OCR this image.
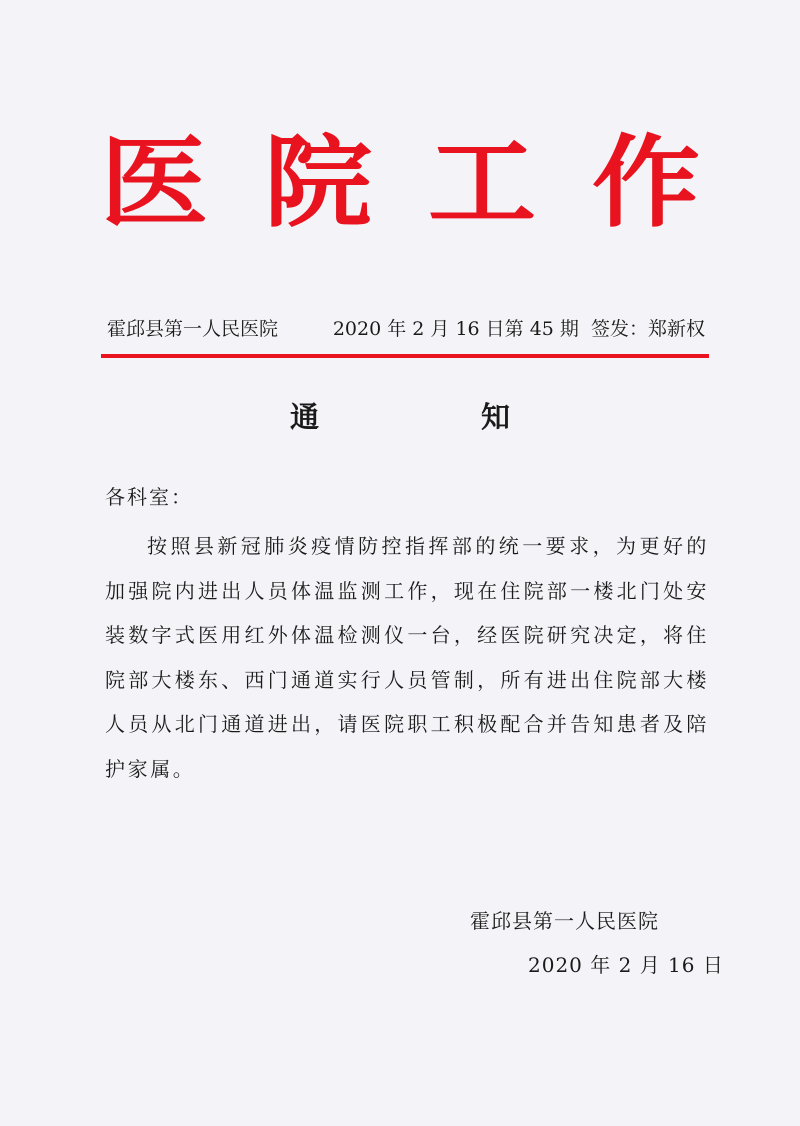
医 院 工 作
霍邱县第一人民医院	2020 年 2 月 16 日第 45 期  签发：郑新权
通	知
各科室：
按照县新冠肺炎疫情防控指挥部的统一要求，为更好的加强院内进出人员体温监测工作，现在住院部一楼北门处安装数字式医用红外体温检测仪一台，经医院研究决定，将住院部大楼东、西门通道实行人员管制，所有进出住院部大楼人员从北门通道进出，请医院职工积极配合并告知患者及陪护家属。
霍邱县第一人民医院
2020 年 2 月 16 日
